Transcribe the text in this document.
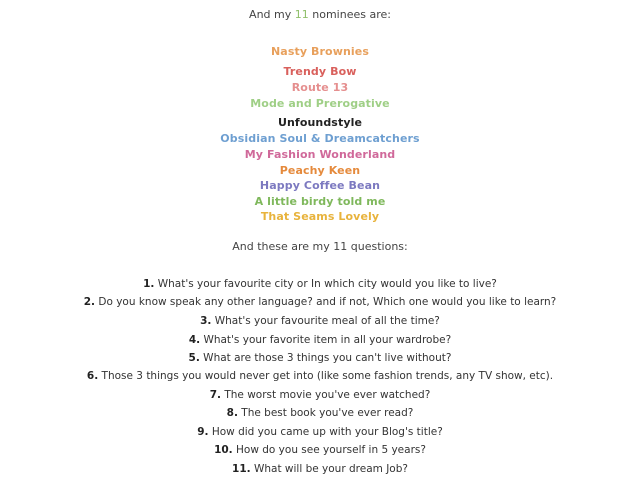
And my 11 nominees are:
Nasty Brownies
Trendy Bow
Route 13
Mode and Prerogative
Unfoundstyle
Obsidian Soul & Dreamcatchers
My Fashion Wonderland
Peachy Keen
Happy Coffee Bean
A little birdy told me
That Seams Lovely
And these are my 11 questions:
1. What's your favourite city or In which city would you like to live?
2. Do you know speak any other language? and if not, Which one would you like to learn?
3. What's your favourite meal of all the time?
4. What's your favorite item in all your wardrobe?
5. What are those 3 things you can't live without?
6. Those 3 things you would never get into (like some fashion trends, any TV show, etc).
7. The worst movie you've ever watched?
8. The best book you've ever read?
9. How did you came up with your Blog's title?
10. How do you see yourself in 5 years?
11. What will be your dream Job?
